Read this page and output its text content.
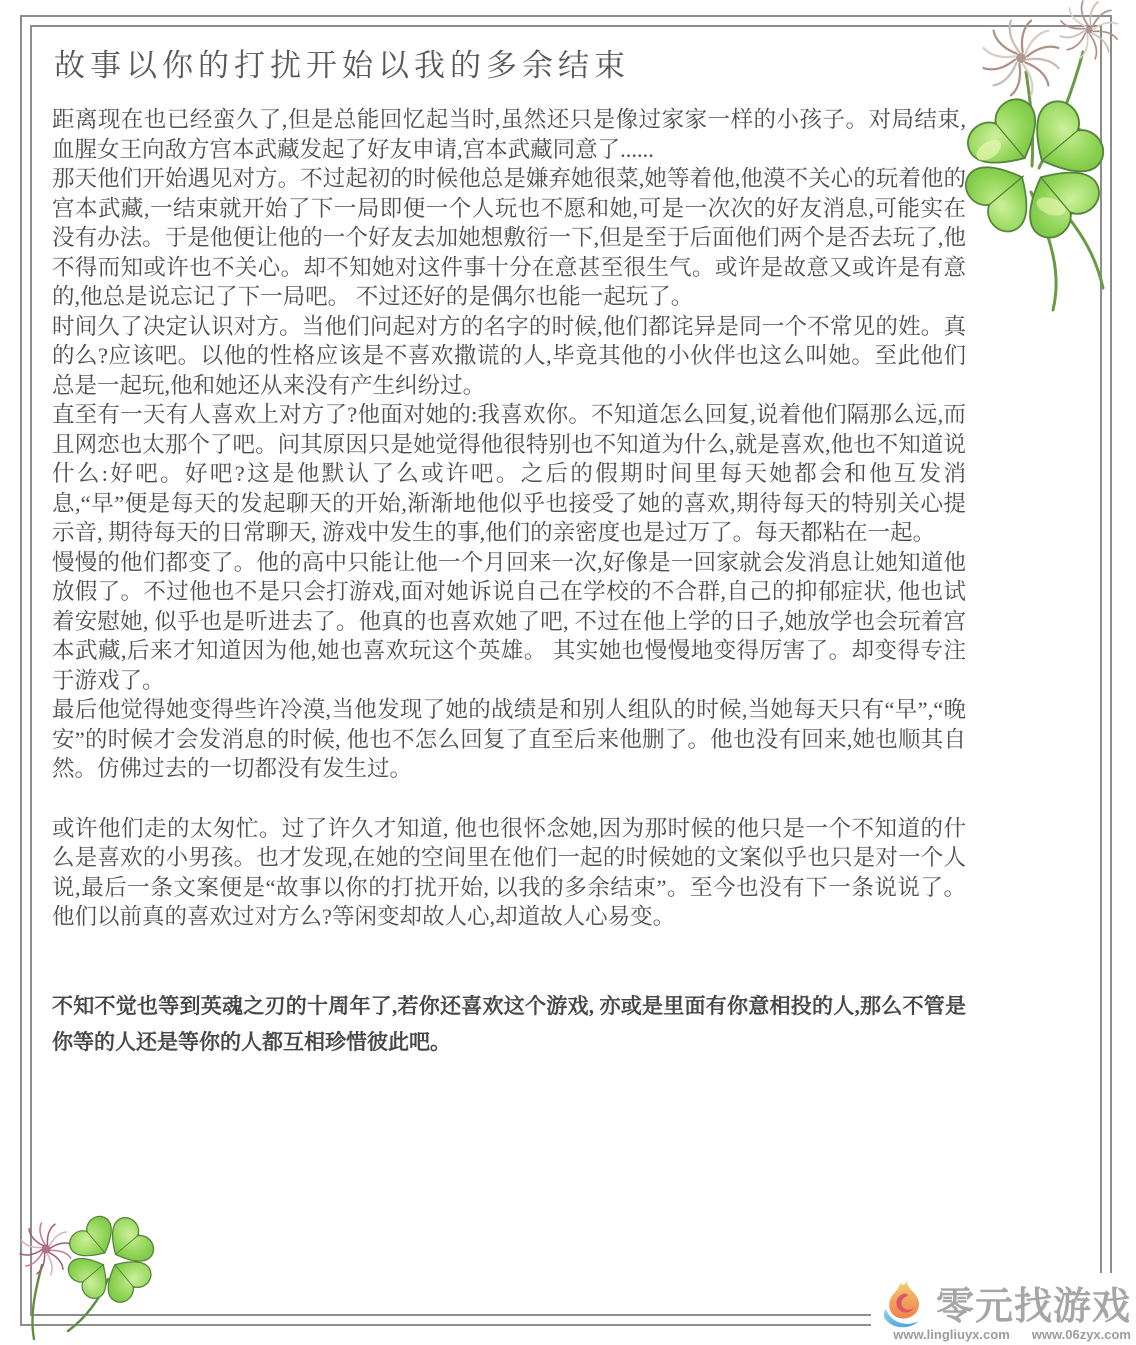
故事以你的打扰开始以我的多余结束

距离现在也已经蛮久了,但是总能回忆起当时,虽然还只是像过家家一样的小孩子。对局结束,血腥女王向敌方宫本武藏发起了好友申请,宫本武藏同意了......

那天他们开始遇见对方。不过起初的时候他总是嫌弃她很菜,她等着他,他漠不关心的玩着他的宫本武藏,一结束就开始了下一局即便一个人玩也不愿和她,可是一次次的好友消息,可能实在没有办法。于是他便让他的一个好友去加她想敷衍一下,但是至于后面他们两个是否去玩了,他不得而知或许也不关心。却不知她对这件事十分在意甚至很生气。或许是故意又或许是有意的,他总是说忘记了下一局吧。 不过还好的是偶尔也能一起玩了。

时间久了决定认识对方。当他们问起对方的名字的时候,他们都诧异是同一个不常见的姓。真的么?应该吧。以他的性格应该是不喜欢撒谎的人,毕竟其他的小伙伴也这么叫她。至此他们总是一起玩,他和她还从来没有产生纠纷过。

直至有一天有人喜欢上对方了?他面对她的:我喜欢你。不知道怎么回复,说着他们隔那么远,而且网恋也太那个了吧。问其原因只是她觉得他很特别也不知道为什么,就是喜欢,他也不知道说什么:好吧。好吧?这是他默认了么或许吧。之后的假期时间里每天她都会和他互发消息,“早”便是每天的发起聊天的开始,渐渐地他似乎也接受了她的喜欢,期待每天的特别关心提示音, 期待每天的日常聊天, 游戏中发生的事,他们的亲密度也是过万了。每天都粘在一起。

慢慢的他们都变了。他的高中只能让他一个月回来一次,好像是一回家就会发消息让她知道他放假了。不过他也不是只会打游戏,面对她诉说自己在学校的不合群,自己的抑郁症状, 他也试着安慰她, 似乎也是听进去了。他真的也喜欢她了吧, 不过在他上学的日子,她放学也会玩着宫本武藏,后来才知道因为他,她也喜欢玩这个英雄。 其实她也慢慢地变得厉害了。却变得专注于游戏了。

最后他觉得她变得些许冷漠,当他发现了她的战绩是和别人组队的时候,当她每天只有“早”,“晚安”的时候才会发消息的时候, 他也不怎么回复了直至后来他删了。他也没有回来,她也顺其自然。仿佛过去的一切都没有发生过。

或许他们走的太匆忙。过了许久才知道, 他也很怀念她,因为那时候的他只是一个不知道的什么是喜欢的小男孩。也才发现,在她的空间里在他们一起的时候她的文案似乎也只是对一个人说,最后一条文案便是“故事以你的打扰开始, 以我的多余结束”。至今也没有下一条说说了。他们以前真的喜欢过对方么?等闲变却故人心,却道故人心易变。

不知不觉也等到英魂之刃的十周年了,若你还喜欢这个游戏, 亦或是里面有你意相投的人,那么不管是你等的人还是等你的人都互相珍惜彼此吧。

零元找游戏
www.lingliuyx.com www.06zyx.com
